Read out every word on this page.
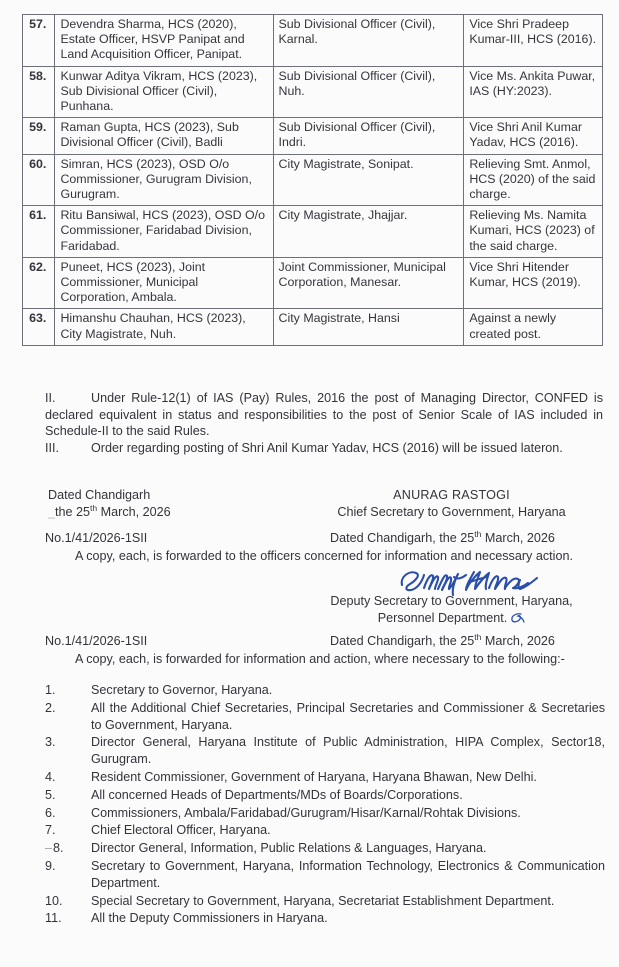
57.	Devendra Sharma, HCS (2020), Estate Officer, HSVP Panipat and Land Acquisition Officer, Panipat.	Sub Divisional Officer (Civil), Karnal.	Vice Shri Pradeep Kumar-III, HCS (2016).
58.	Kunwar Aditya Vikram, HCS (2023), Sub Divisional Officer (Civil), Punhana.	Sub Divisional Officer (Civil), Nuh.	Vice Ms. Ankita Puwar, IAS (HY:2023).
59.	Raman Gupta, HCS (2023), Sub Divisional Officer (Civil), Badli	Sub Divisional Officer (Civil), Indri.	Vice Shri Anil Kumar Yadav, HCS (2016).
60.	Simran, HCS (2023), OSD O/o Commissioner, Gurugram Division, Gurugram.	City Magistrate, Sonipat.	Relieving Smt. Anmol, HCS (2020) of the said charge.
61.	Ritu Bansiwal, HCS (2023), OSD O/o Commissioner, Faridabad Division, Faridabad.	City Magistrate, Jhajjar.	Relieving Ms. Namita Kumari, HCS (2023) of the said charge.
62.	Puneet, HCS (2023), Joint Commissioner, Municipal Corporation, Ambala.	Joint Commissioner, Municipal Corporation, Manesar.	Vice Shri Hitender Kumar, HCS (2019).
63.	Himanshu Chauhan, HCS (2023), City Magistrate, Nuh.	City Magistrate, Hansi	Against a newly created post.
II.	Under Rule-12(1) of IAS (Pay) Rules, 2016 the post of Managing Director, CONFED is declared equivalent in status and responsibilities to the post of Senior Scale of IAS included in Schedule-II to the said Rules.
III.	Order regarding posting of Shri Anil Kumar Yadav, HCS (2016) will be issued lateron.
Dated Chandigarh
_the 25th March, 2026
ANURAG RASTOGI
Chief Secretary to Government, Haryana
No.1/41/2026-1SII	Dated Chandigarh, the 25th March, 2026
A copy, each, is forwarded to the officers concerned for information and necessary action.
Deputy Secretary to Government, Haryana,
Personnel Department.
No.1/41/2026-1SII	Dated Chandigarh, the 25th March, 2026
A copy, each, is forwarded for information and action, where necessary to the following:-
1.	Secretary to Governor, Haryana.
2.	All the Additional Chief Secretaries, Principal Secretaries and Commissioner & Secretaries to Government, Haryana.
3.	Director General, Haryana Institute of Public Administration, HIPA Complex, Sector18, Gurugram.
4.	Resident Commissioner, Government of Haryana, Haryana Bhawan, New Delhi.
5.	All concerned Heads of Departments/MDs of Boards/Corporations.
6.	Commissioners, Ambala/Faridabad/Gurugram/Hisar/Karnal/Rohtak Divisions.
7.	Chief Electoral Officer, Haryana.
– 8.	Director General, Information, Public Relations & Languages, Haryana.
9.	Secretary to Government, Haryana, Information Technology, Electronics & Communication Department.
10.	Special Secretary to Government, Haryana, Secretariat Establishment Department.
11.	All the Deputy Commissioners in Haryana.
